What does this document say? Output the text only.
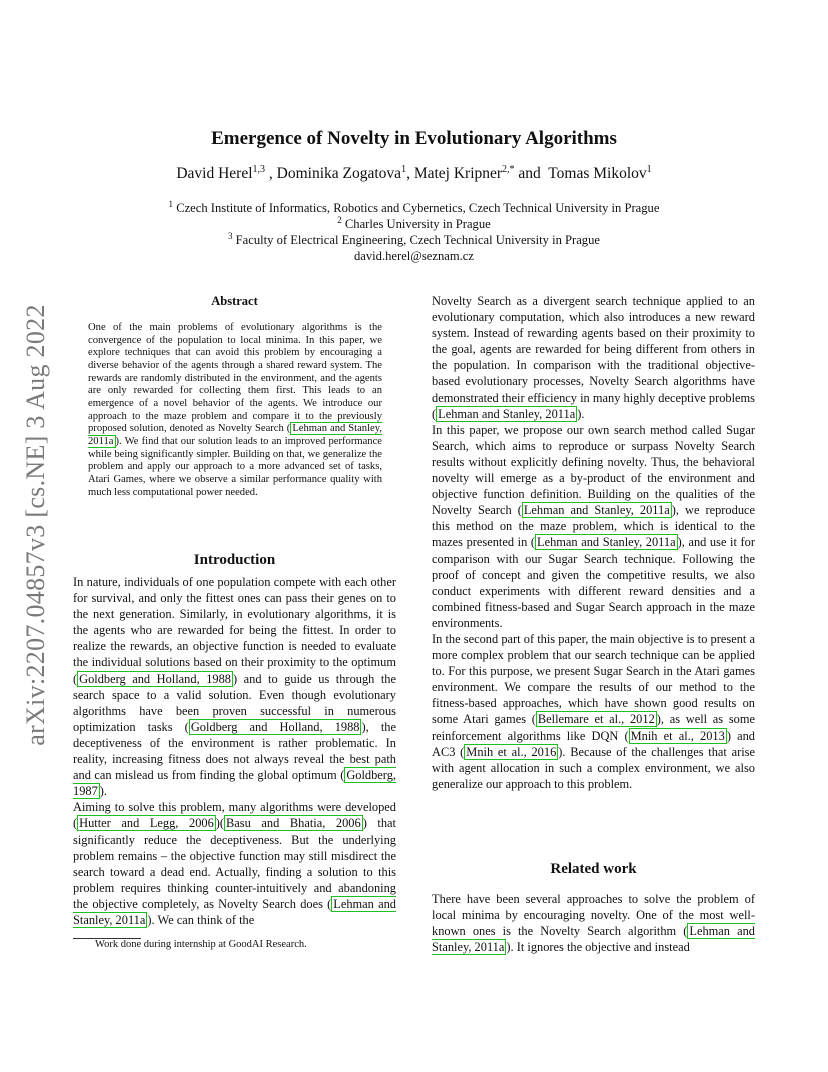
arXiv:2207.04857v3 [cs.NE] 3 Aug 2022
Emergence of Novelty in Evolutionary Algorithms
David Herel$^{1,3}$ , Dominika Zogatova$^1$, Matej Kripner$^{2,*}$ and  Tomas Mikolov$^1$
$^1$ Czech Institute of Informatics, Robotics and Cybernetics, Czech Technical University in Prague
$^2$ Charles University in Prague
$^3$ Faculty of Electrical Engineering, Czech Technical University in Prague
david.herel@seznam.cz
Abstract
One of the main problems of evolutionary algorithms is the convergence of the population to local minima. In this paper, we explore techniques that can avoid this problem by encouraging a diverse behavior of the agents through a shared reward system. The rewards are randomly distributed in the environment, and the agents are only rewarded for collecting them first. This leads to an emergence of a novel behavior of the agents. We introduce our approach to the maze problem and compare it to the previously proposed solution, denoted as Novelty Search ( Lehman and Stanley, 2011a ). We find that our solution leads to an improved performance while being significantly simpler. Building on that, we generalize the problem and apply our approach to a more advanced set of tasks, Atari Games, where we observe a similar performance quality with much less computational power needed.
Introduction

In nature, individuals of one population compete with each other for survival, and only the fittest ones can pass their genes on to the next generation. Similarly, in evolutionary algorithms, it is the agents who are rewarded for being the fittest. In order to realize the rewards, an objective function is needed to evaluate the individual solutions based on their proximity to the optimum ( Goldberg and Holland, 1988 ) and to guide us through the search space to a valid solution. Even though evolutionary algorithms have been proven successful in numerous optimization tasks ( Goldberg and Holland, 1988 ), the deceptiveness of the environment is rather problematic. In reality, increasing fitness does not always reveal the best path and can mislead us from finding the global optimum ( Goldberg, 1987 ).

Aiming to solve this problem, many algorithms were developed ( Hutter and Legg, 2006 )( Basu and Bhatia, 2006 ) that significantly reduce the deceptiveness. But the underlying problem remains – the objective function may still misdirect the search toward a dead end. Actually, finding a solution to this problem requires thinking counter-intuitively and abandoning the objective completely, as Novelty Search does ( Lehman and Stanley, 2011a ). We can think of the

Novelty Search as a divergent search technique applied to an evolutionary computation, which also introduces a new reward system. Instead of rewarding agents based on their proximity to the goal, agents are rewarded for being different from others in the population. In comparison with the traditional objective-based evolutionary processes, Novelty Search algorithms have demonstrated their efficiency in many highly deceptive problems ( Lehman and Stanley, 2011a ).

In this paper, we propose our own search method called Sugar Search, which aims to reproduce or surpass Novelty Search results without explicitly defining novelty. Thus, the behavioral novelty will emerge as a by-product of the environment and objective function definition. Building on the qualities of the Novelty Search ( Lehman and Stanley, 2011a ), we reproduce this method on the maze problem, which is identical to the mazes presented in ( Lehman and Stanley, 2011a ), and use it for comparison with our Sugar Search technique. Following the proof of concept and given the competitive results, we also conduct experiments with different reward densities and a combined fitness-based and Sugar Search approach in the maze environments.

In the second part of this paper, the main objective is to present a more complex problem that our search technique can be applied to. For this purpose, we present Sugar Search in the Atari games environment. We compare the results of our method to the fitness-based approaches, which have shown good results on some Atari games ( Bellemare et al., 2012 ), as well as some reinforcement algorithms like DQN ( Mnih et al., 2013 ) and AC3 ( Mnih et al., 2016 ). Because of the challenges that arise with agent allocation in such a complex environment, we also generalize our approach to this problem.

Related work

There have been several approaches to solve the problem of local minima by encouraging novelty. One of the most well-known ones is the Novelty Search algorithm ( Lehman and Stanley, 2011a ). It ignores the objective and instead

Work done during internship at GoodAI Research.
